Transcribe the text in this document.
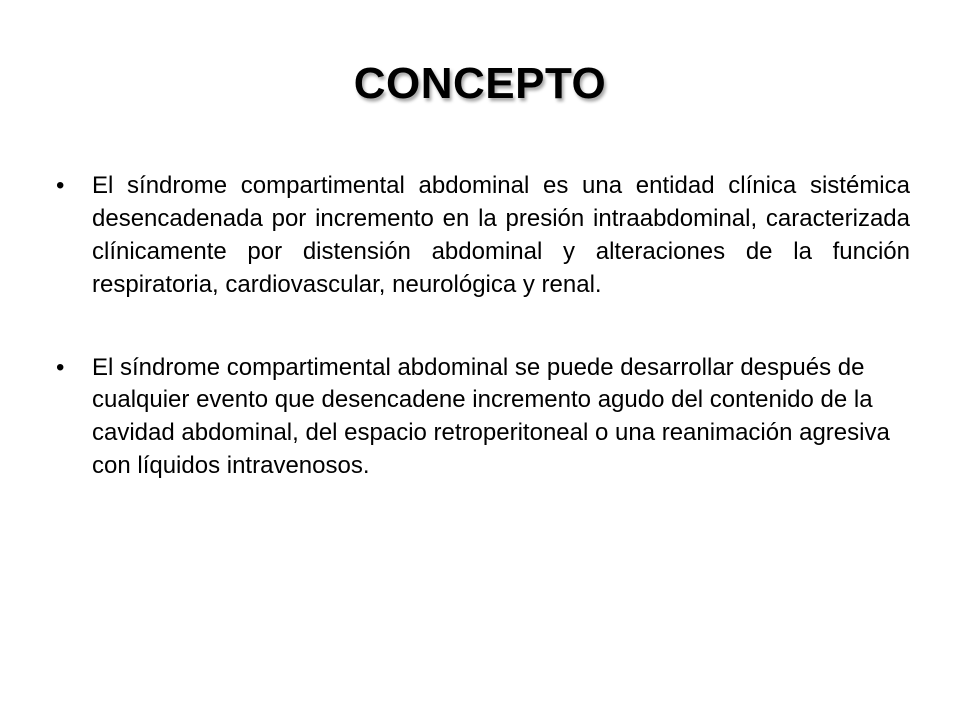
CONCEPTO
• El síndrome compartimental abdominal es una entidad clínica sistémica desencadenada por incremento en la presión intraabdominal, caracterizada clínicamente por distensión abdominal y alteraciones de la función respiratoria, cardiovascular, neurológica y renal.
• El síndrome compartimental abdominal se puede desarrollar después de cualquier evento que desencadene incremento agudo del contenido de la cavidad abdominal, del espacio retroperitoneal o una reanimación agresiva con líquidos intravenosos.
